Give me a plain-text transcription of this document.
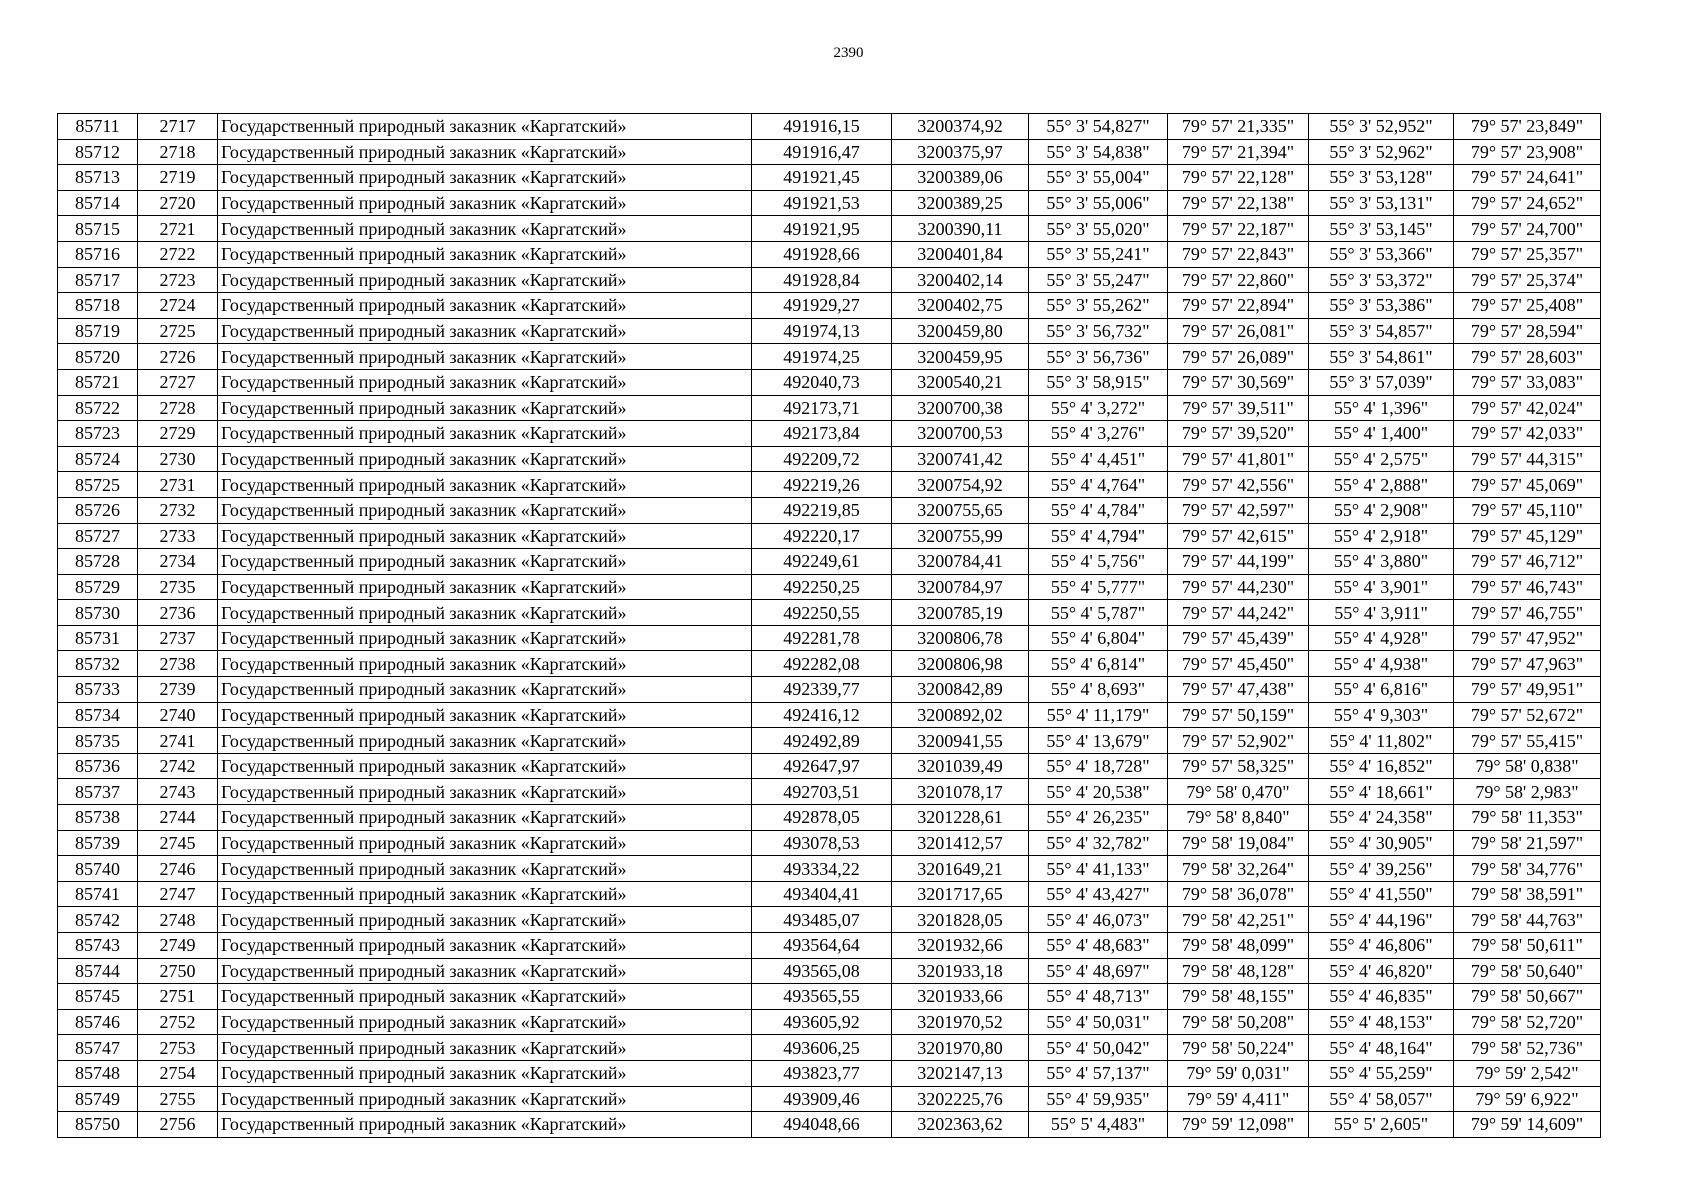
2390
85711	2717	Государственный природный заказник «Каргатский»	491916,15	3200374,92	55° 3' 54,827"	79° 57' 21,335"	55° 3' 52,952"	79° 57' 23,849"
85712	2718	Государственный природный заказник «Каргатский»	491916,47	3200375,97	55° 3' 54,838"	79° 57' 21,394"	55° 3' 52,962"	79° 57' 23,908"
85713	2719	Государственный природный заказник «Каргатский»	491921,45	3200389,06	55° 3' 55,004"	79° 57' 22,128"	55° 3' 53,128"	79° 57' 24,641"
85714	2720	Государственный природный заказник «Каргатский»	491921,53	3200389,25	55° 3' 55,006"	79° 57' 22,138"	55° 3' 53,131"	79° 57' 24,652"
85715	2721	Государственный природный заказник «Каргатский»	491921,95	3200390,11	55° 3' 55,020"	79° 57' 22,187"	55° 3' 53,145"	79° 57' 24,700"
85716	2722	Государственный природный заказник «Каргатский»	491928,66	3200401,84	55° 3' 55,241"	79° 57' 22,843"	55° 3' 53,366"	79° 57' 25,357"
85717	2723	Государственный природный заказник «Каргатский»	491928,84	3200402,14	55° 3' 55,247"	79° 57' 22,860"	55° 3' 53,372"	79° 57' 25,374"
85718	2724	Государственный природный заказник «Каргатский»	491929,27	3200402,75	55° 3' 55,262"	79° 57' 22,894"	55° 3' 53,386"	79° 57' 25,408"
85719	2725	Государственный природный заказник «Каргатский»	491974,13	3200459,80	55° 3' 56,732"	79° 57' 26,081"	55° 3' 54,857"	79° 57' 28,594"
85720	2726	Государственный природный заказник «Каргатский»	491974,25	3200459,95	55° 3' 56,736"	79° 57' 26,089"	55° 3' 54,861"	79° 57' 28,603"
85721	2727	Государственный природный заказник «Каргатский»	492040,73	3200540,21	55° 3' 58,915"	79° 57' 30,569"	55° 3' 57,039"	79° 57' 33,083"
85722	2728	Государственный природный заказник «Каргатский»	492173,71	3200700,38	55° 4' 3,272"	79° 57' 39,511"	55° 4' 1,396"	79° 57' 42,024"
85723	2729	Государственный природный заказник «Каргатский»	492173,84	3200700,53	55° 4' 3,276"	79° 57' 39,520"	55° 4' 1,400"	79° 57' 42,033"
85724	2730	Государственный природный заказник «Каргатский»	492209,72	3200741,42	55° 4' 4,451"	79° 57' 41,801"	55° 4' 2,575"	79° 57' 44,315"
85725	2731	Государственный природный заказник «Каргатский»	492219,26	3200754,92	55° 4' 4,764"	79° 57' 42,556"	55° 4' 2,888"	79° 57' 45,069"
85726	2732	Государственный природный заказник «Каргатский»	492219,85	3200755,65	55° 4' 4,784"	79° 57' 42,597"	55° 4' 2,908"	79° 57' 45,110"
85727	2733	Государственный природный заказник «Каргатский»	492220,17	3200755,99	55° 4' 4,794"	79° 57' 42,615"	55° 4' 2,918"	79° 57' 45,129"
85728	2734	Государственный природный заказник «Каргатский»	492249,61	3200784,41	55° 4' 5,756"	79° 57' 44,199"	55° 4' 3,880"	79° 57' 46,712"
85729	2735	Государственный природный заказник «Каргатский»	492250,25	3200784,97	55° 4' 5,777"	79° 57' 44,230"	55° 4' 3,901"	79° 57' 46,743"
85730	2736	Государственный природный заказник «Каргатский»	492250,55	3200785,19	55° 4' 5,787"	79° 57' 44,242"	55° 4' 3,911"	79° 57' 46,755"
85731	2737	Государственный природный заказник «Каргатский»	492281,78	3200806,78	55° 4' 6,804"	79° 57' 45,439"	55° 4' 4,928"	79° 57' 47,952"
85732	2738	Государственный природный заказник «Каргатский»	492282,08	3200806,98	55° 4' 6,814"	79° 57' 45,450"	55° 4' 4,938"	79° 57' 47,963"
85733	2739	Государственный природный заказник «Каргатский»	492339,77	3200842,89	55° 4' 8,693"	79° 57' 47,438"	55° 4' 6,816"	79° 57' 49,951"
85734	2740	Государственный природный заказник «Каргатский»	492416,12	3200892,02	55° 4' 11,179"	79° 57' 50,159"	55° 4' 9,303"	79° 57' 52,672"
85735	2741	Государственный природный заказник «Каргатский»	492492,89	3200941,55	55° 4' 13,679"	79° 57' 52,902"	55° 4' 11,802"	79° 57' 55,415"
85736	2742	Государственный природный заказник «Каргатский»	492647,97	3201039,49	55° 4' 18,728"	79° 57' 58,325"	55° 4' 16,852"	79° 58' 0,838"
85737	2743	Государственный природный заказник «Каргатский»	492703,51	3201078,17	55° 4' 20,538"	79° 58' 0,470"	55° 4' 18,661"	79° 58' 2,983"
85738	2744	Государственный природный заказник «Каргатский»	492878,05	3201228,61	55° 4' 26,235"	79° 58' 8,840"	55° 4' 24,358"	79° 58' 11,353"
85739	2745	Государственный природный заказник «Каргатский»	493078,53	3201412,57	55° 4' 32,782"	79° 58' 19,084"	55° 4' 30,905"	79° 58' 21,597"
85740	2746	Государственный природный заказник «Каргатский»	493334,22	3201649,21	55° 4' 41,133"	79° 58' 32,264"	55° 4' 39,256"	79° 58' 34,776"
85741	2747	Государственный природный заказник «Каргатский»	493404,41	3201717,65	55° 4' 43,427"	79° 58' 36,078"	55° 4' 41,550"	79° 58' 38,591"
85742	2748	Государственный природный заказник «Каргатский»	493485,07	3201828,05	55° 4' 46,073"	79° 58' 42,251"	55° 4' 44,196"	79° 58' 44,763"
85743	2749	Государственный природный заказник «Каргатский»	493564,64	3201932,66	55° 4' 48,683"	79° 58' 48,099"	55° 4' 46,806"	79° 58' 50,611"
85744	2750	Государственный природный заказник «Каргатский»	493565,08	3201933,18	55° 4' 48,697"	79° 58' 48,128"	55° 4' 46,820"	79° 58' 50,640"
85745	2751	Государственный природный заказник «Каргатский»	493565,55	3201933,66	55° 4' 48,713"	79° 58' 48,155"	55° 4' 46,835"	79° 58' 50,667"
85746	2752	Государственный природный заказник «Каргатский»	493605,92	3201970,52	55° 4' 50,031"	79° 58' 50,208"	55° 4' 48,153"	79° 58' 52,720"
85747	2753	Государственный природный заказник «Каргатский»	493606,25	3201970,80	55° 4' 50,042"	79° 58' 50,224"	55° 4' 48,164"	79° 58' 52,736"
85748	2754	Государственный природный заказник «Каргатский»	493823,77	3202147,13	55° 4' 57,137"	79° 59' 0,031"	55° 4' 55,259"	79° 59' 2,542"
85749	2755	Государственный природный заказник «Каргатский»	493909,46	3202225,76	55° 4' 59,935"	79° 59' 4,411"	55° 4' 58,057"	79° 59' 6,922"
85750	2756	Государственный природный заказник «Каргатский»	494048,66	3202363,62	55° 5' 4,483"	79° 59' 12,098"	55° 5' 2,605"	79° 59' 14,609"
